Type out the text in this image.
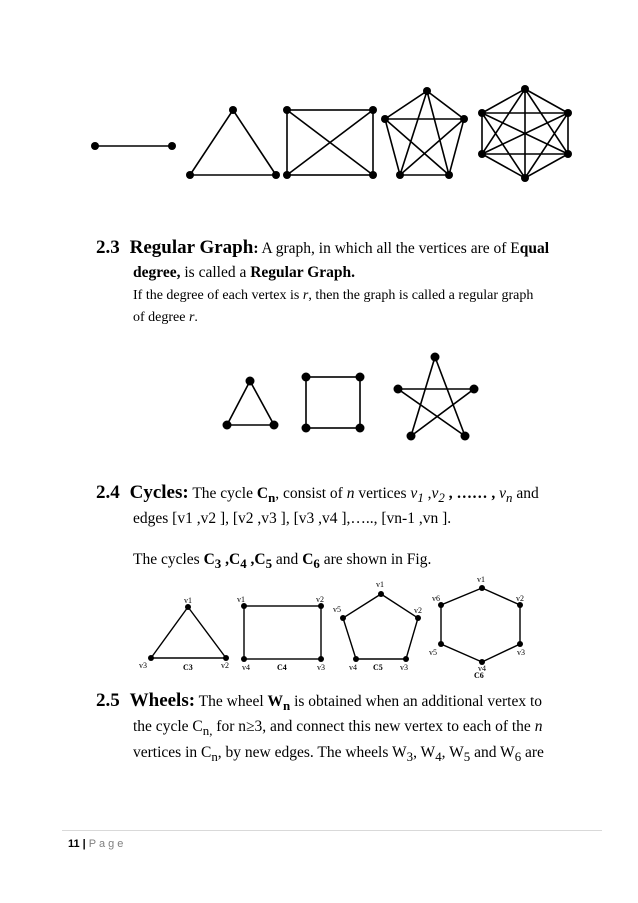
2.3 Regular Graph: A graph, in which all the vertices are of Equal
degree, is called a Regular Graph.
If the degree of each vertex is r, then the graph is called a regular graph
of degree r.
2.4 Cycles: The cycle $C_n$, consist of n vertices $v_1$ $,v_2$ , …… , $v_n$ and
edges [v1 ,v2 ], [v2 ,v3 ], [v3 ,v4 ],….., [vn-1 ,vn ].
The cycles $C_3$ $,C_4$ $,C_5$ and $C_6$ are shown in Fig.
v1
v3	v2
v1	v2
v4	v3
v1
v5	v2
v4	v3
v1
v6	v2
v5	v3
v4
C3	C4	C5
C6
2.5 Wheels: The wheel $W_n$ is obtained when an additional vertex to
the cycle $C_{n,}$ for n≥3, and connect this new vertex to each of the n
vertices in $C_n$, by new edges. The wheels $W_3$, $W_4$, $W_5$ and $W_6$ are
11 | Page
